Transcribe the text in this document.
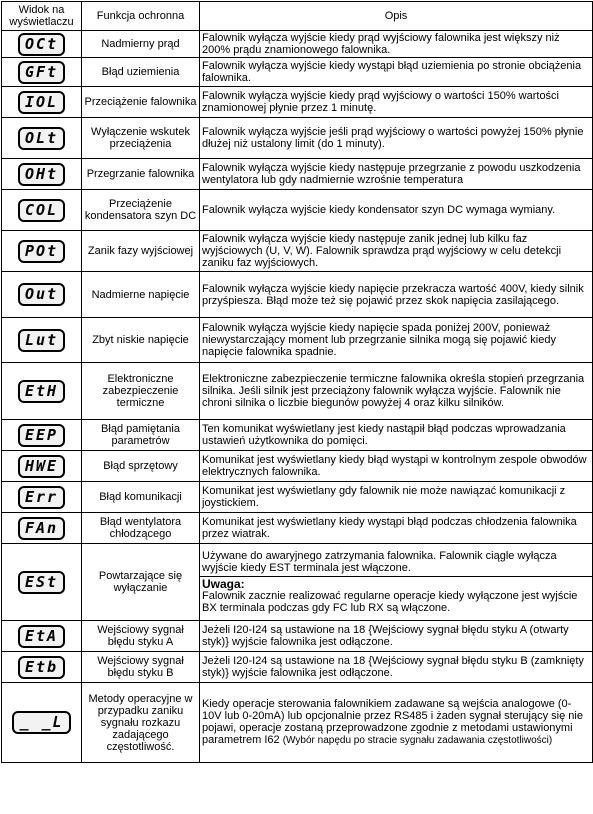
Widok na wyświetlaczu	Funkcja ochronna	Opis
OCt	Nadmierny prąd	Falownik wyłącza wyjście kiedy prąd wyjściowy falownika jest większy niż 200% prądu znamionowego falownika.
GFt	Błąd uziemienia	Falownik wyłącza wyjście kiedy wystąpi błąd uziemienia po stronie obciążenia falownika.
IOL	Przeciążenie falownika	Falownik wyłącza wyjście kiedy prąd wyjściowy o wartości 150% wartości znamionowej płynie przez 1 minutę.
OLt	Wyłączenie wskutek przeciążenia	Falownik wyłącza wyjście jeśli prąd wyjściowy o wartości powyżej 150% płynie dłużej niż ustalony limit (do 1 minuty).
OHt	Przegrzanie falownika	Falownik wyłącza wyjście kiedy następuje przegrzanie z powodu uszkodzenia wentylatora lub gdy nadmiernie wzrośnie temperatura
COL	Przeciążenie kondensatora szyn DC	Falownik wyłącza wyjście kiedy kondensator szyn DC wymaga wymiany.
POt	Zanik fazy wyjściowej	Falownik wyłącza wyjście kiedy następuje zanik jednej lub kilku faz wyjściowych (U, V, W). Falownik sprawdza prąd wyjściowy w celu detekcji zaniku faz wyjściowych.
Out	Nadmierne napięcie	Falownik wyłącza wyjście kiedy napięcie przekracza wartość 400V, kiedy silnik przyśpiesza. Błąd może też się pojawić przez skok napięcia zasilającego.
Lut	Zbyt niskie napięcie	Falownik wyłącza wyjście kiedy napięcie spada poniżej 200V, ponieważ niewystarczający moment lub przegrzanie silnika mogą się pojawić kiedy napięcie falownika spadnie.
EtH	Elektroniczne zabezpieczenie termiczne	Elektroniczne zabezpieczenie termiczne falownika określa stopień przegrzania silnika. Jeśli silnik jest przeciążony falownik wyłącza wyjście. Falownik nie chroni silnika o liczbie biegunów powyżej 4 oraz kilku silników.
EEP	Błąd pamiętania parametrów	Ten komunikat wyświetlany jest kiedy nastąpił błąd podczas wprowadzania ustawień użytkownika do pomięci.
HWE	Błąd sprzętowy	Komunikat jest wyświetlany kiedy błąd wystąpi w kontrolnym zespole obwodów elektrycznych falownika.
Err	Błąd komunikacji	Komunikat jest wyświetlany gdy falownik nie może nawiązać komunikacji z joystickiem.
FAn	Błąd wentylatora chłodzącego	Komunikat jest wyświetlany kiedy wystąpi błąd podczas chłodzenia falownika przez wiatrak.
ESt	Powtarzające się wyłączanie	Używane do awaryjnego zatrzymania falownika. Falownik ciągle wyłącza wyjście kiedy EST terminala jest włączone.
Uwaga:
Falownik zacznie realizować regularne operacje kiedy wyłączone jest wyjście BX terminala podczas gdy FC lub RX są włączone.

EtA	Wejściowy sygnał błędu styku A	Jeżeli I20-I24 są ustawione na 18 {Wejściowy sygnał błędu styku A (otwarty styk)} wyjście falownika jest odłączone.
Etb	Wejściowy sygnał błędu styku B	Jeżeli I20-I24 są ustawione na 18 {Wejściowy sygnał błędu styku B (zamknięty styk)} wyjście falownika jest odłączone.
_ _L	Metody operacyjne w przypadku zaniku sygnału rozkazu zadającego częstotliwość.	Kiedy operacje sterowania falownikiem zadawane są wejścia analogowe (0-10V lub 0-20mA) lub opcjonalnie przez RS485 i żaden sygnał sterujący się nie pojawi, operacje zostaną przeprowadzone zgodnie z metodami ustawionymi parametrem I62 (Wybór napędu po stracie sygnału zadawania częstotliwości)
